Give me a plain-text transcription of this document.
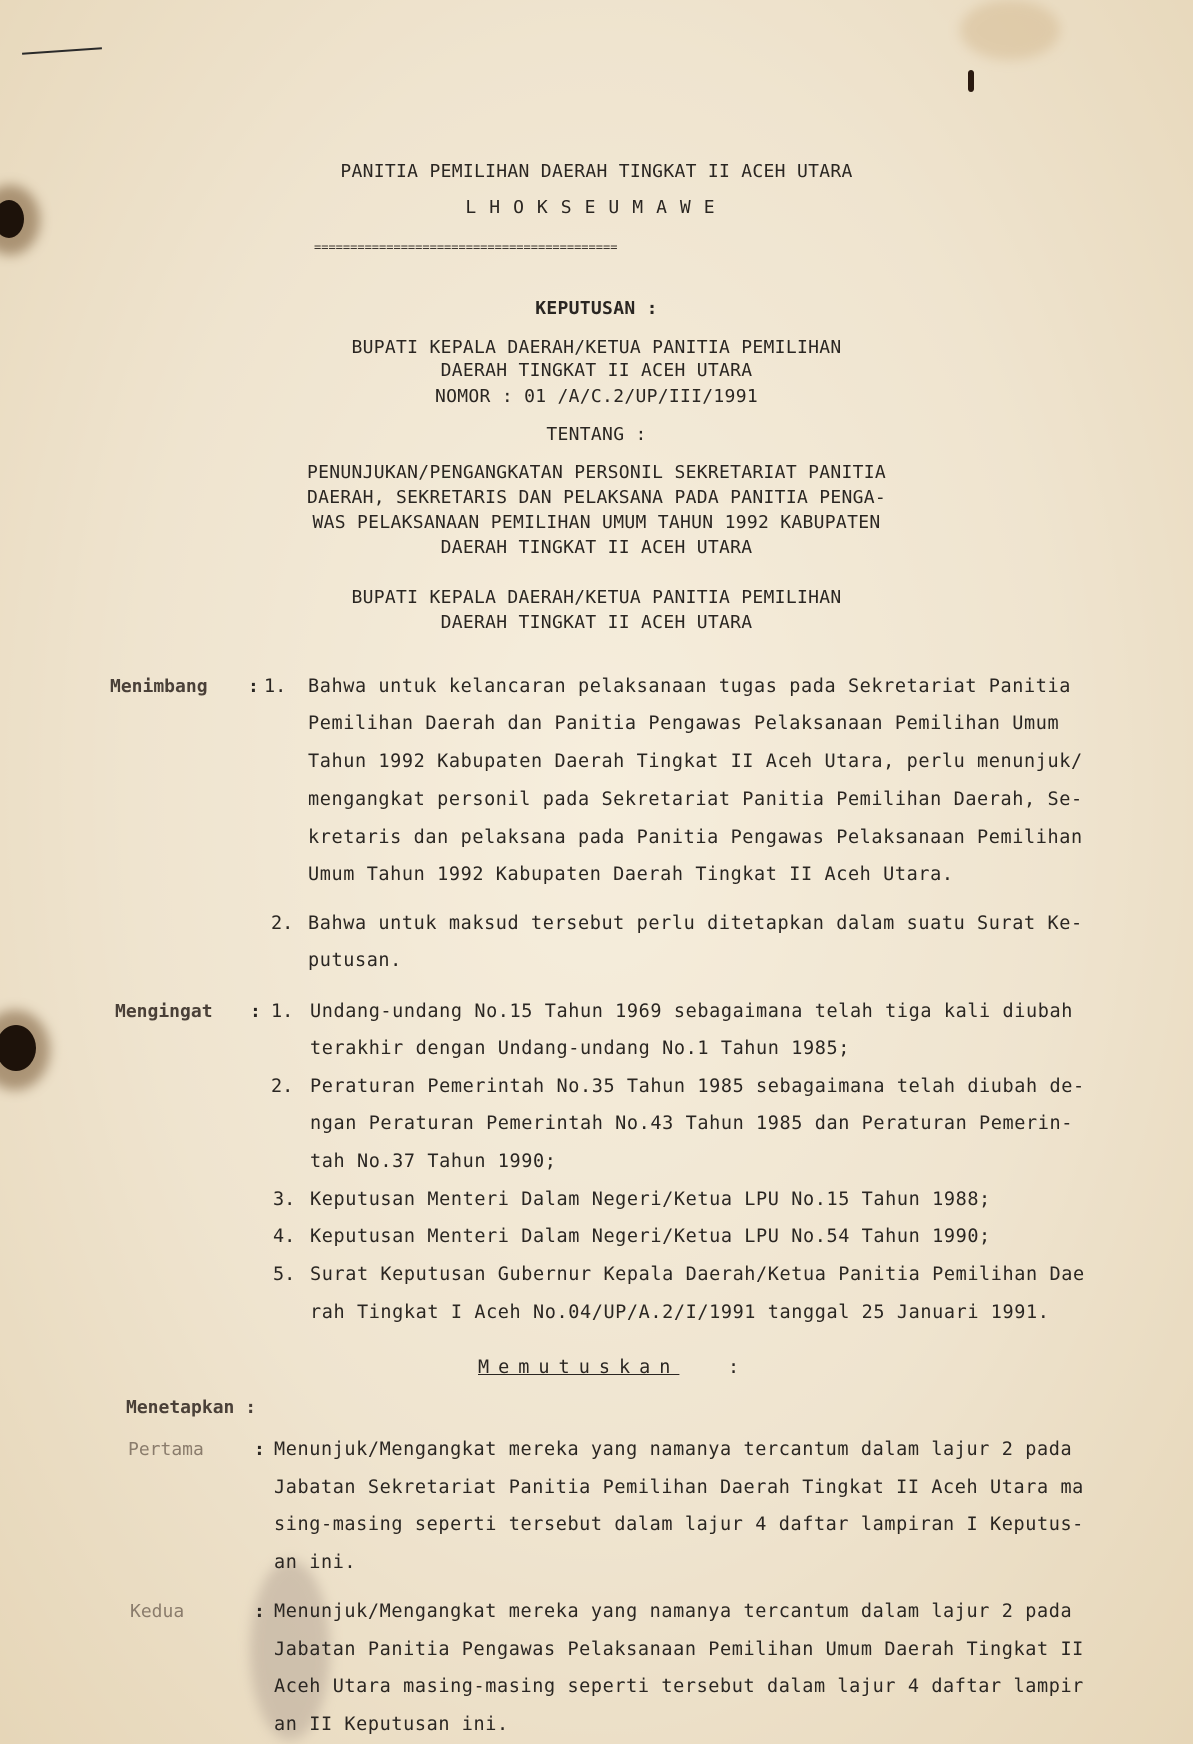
PANITIA PEMILIHAN DAERAH TINGKAT II ACEH UTARA
LHOKSEUMAWE
==========================================
KEPUTUSAN :
BUPATI KEPALA DAERAH/KETUA PANITIA PEMILIHAN
DAERAH TINGKAT II ACEH UTARA
NOMOR : 01 /A/C.2/UP/III/1991
TENTANG :
PENUNJUKAN/PENGANGKATAN PERSONIL SEKRETARIAT PANITIA
DAERAH, SEKRETARIS DAN PELAKSANA PADA PANITIA PENGA-
WAS PELAKSANAAN PEMILIHAN UMUM TAHUN 1992 KABUPATEN
DAERAH TINGKAT II ACEH UTARA
BUPATI KEPALA DAERAH/KETUA PANITIA PEMILIHAN
DAERAH TINGKAT II ACEH UTARA
Menimbang : 1. Bahwa untuk kelancaran pelaksanaan tugas pada Sekretariat Panitia
Pemilihan Daerah dan Panitia Pengawas Pelaksanaan Pemilihan Umum
Tahun 1992 Kabupaten Daerah Tingkat II Aceh Utara, perlu menunjuk/
mengangkat personil pada Sekretariat Panitia Pemilihan Daerah, Se-
kretaris dan pelaksana pada Panitia Pengawas Pelaksanaan Pemilihan
Umum Tahun 1992 Kabupaten Daerah Tingkat II Aceh Utara.
2. Bahwa untuk maksud tersebut perlu ditetapkan dalam suatu Surat Ke-
putusan.
Mengingat : 1. Undang-undang No.15 Tahun 1969 sebagaimana telah tiga kali diubah
terakhir dengan Undang-undang No.1 Tahun 1985;
2. Peraturan Pemerintah No.35 Tahun 1985 sebagaimana telah diubah de-
ngan Peraturan Pemerintah No.43 Tahun 1985 dan Peraturan Pemerin-
tah No.37 Tahun 1990;
3. Keputusan Menteri Dalam Negeri/Ketua LPU No.15 Tahun 1988;
4. Keputusan Menteri Dalam Negeri/Ketua LPU No.54 Tahun 1990;
5. Surat Keputusan Gubernur Kepala Daerah/Ketua Panitia Pemilihan Dae
rah Tingkat I Aceh No.04/UP/A.2/I/1991 tanggal 25 Januari 1991.
Memutuskan	:
Menetapkan :
Pertama	: Menunjuk/Mengangkat mereka yang namanya tercantum dalam lajur 2 pada
Jabatan Sekretariat Panitia Pemilihan Daerah Tingkat II Aceh Utara ma
sing-masing seperti tersebut dalam lajur 4 daftar lampiran I Keputus-
an ini.
Kedua	: Menunjuk/Mengangkat mereka yang namanya tercantum dalam lajur 2 pada
Jabatan Panitia Pengawas Pelaksanaan Pemilihan Umum Daerah Tingkat II
Aceh Utara masing-masing seperti tersebut dalam lajur 4 daftar lampir
an II Keputusan ini.
